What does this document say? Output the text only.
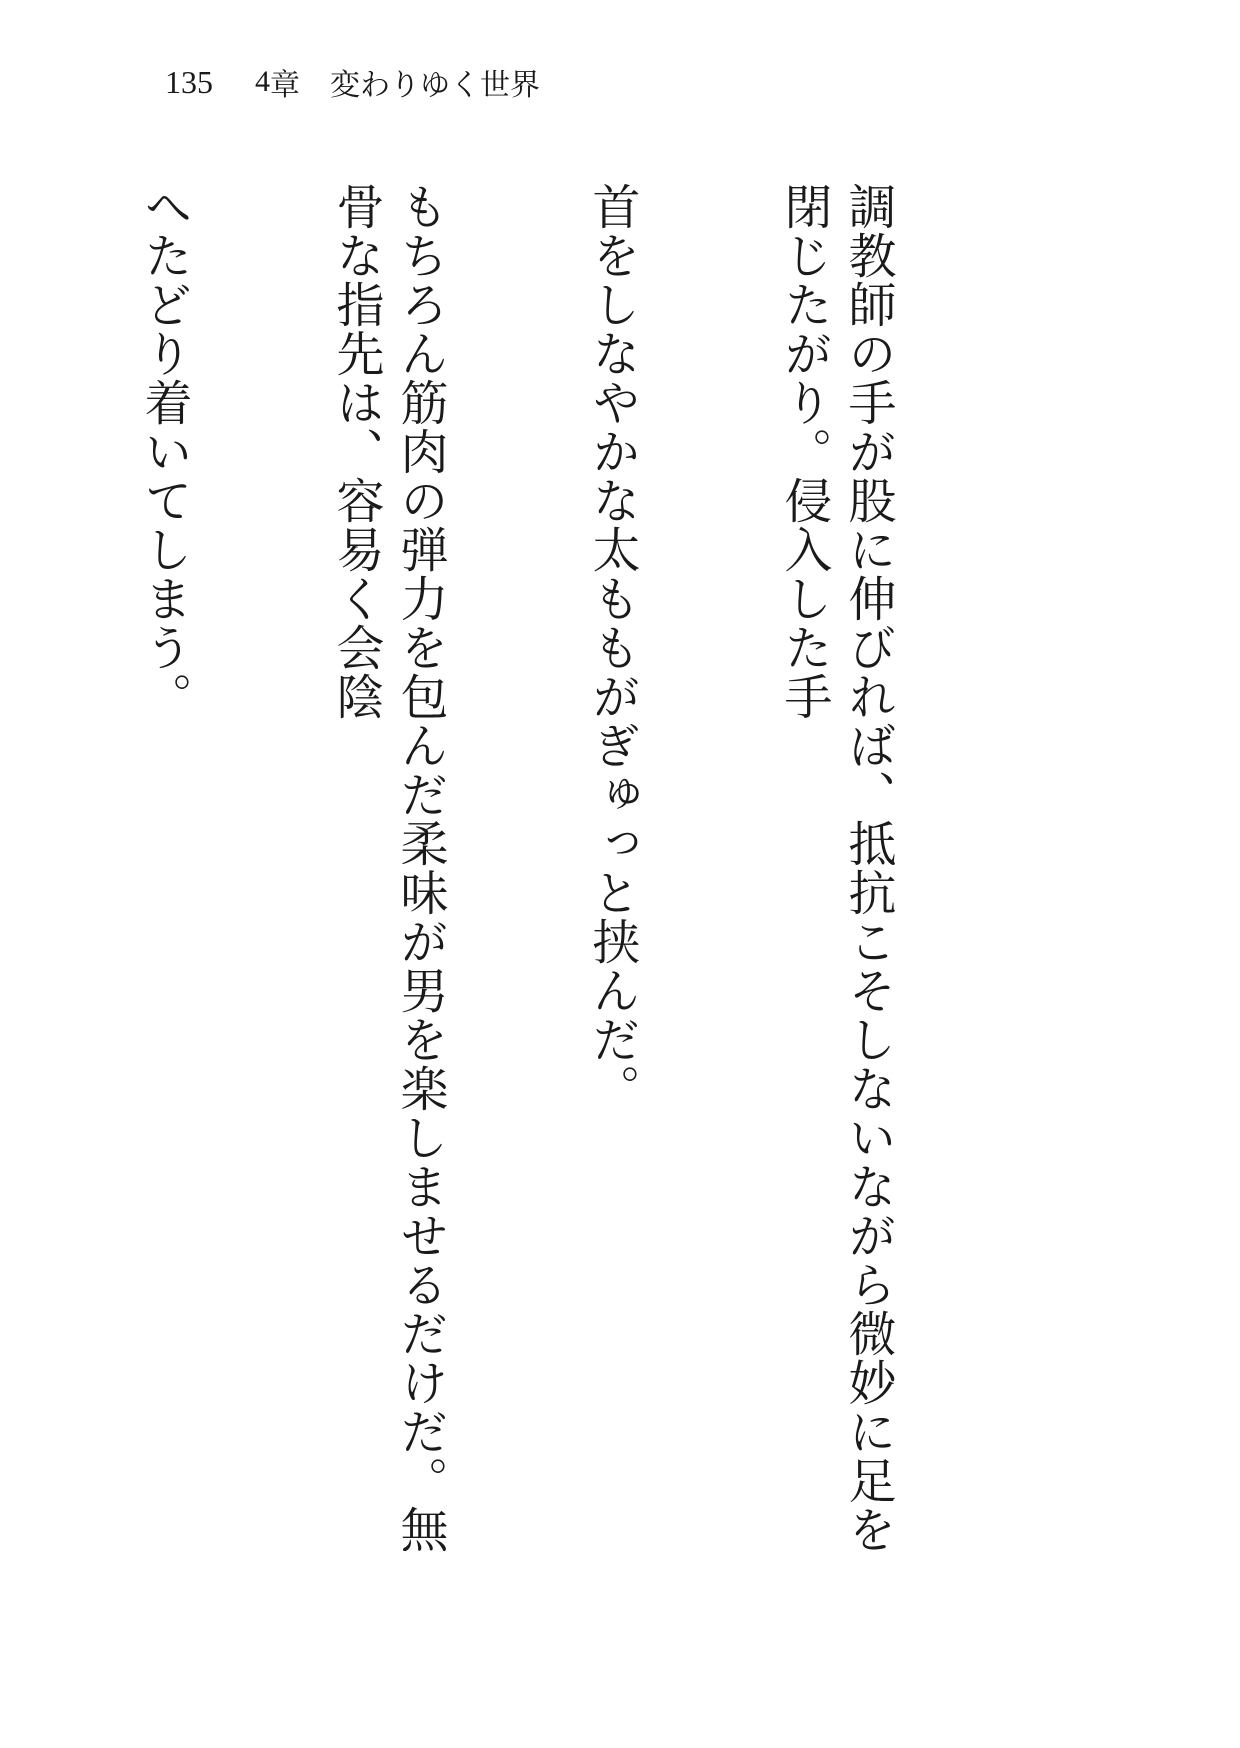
135 4 章 変わりゆく世界

調教師の手が股に伸びれば、抵抗こそしないながら微妙に足を閉じたがり。侵入した手

首をしなやかな太ももがぎゅっと挟んだ。

もちろん筋肉の弾力を包んだ柔味が男を楽しませるだけだ。無骨な指先は、容易く会陰

へたどり着いてしまう。
